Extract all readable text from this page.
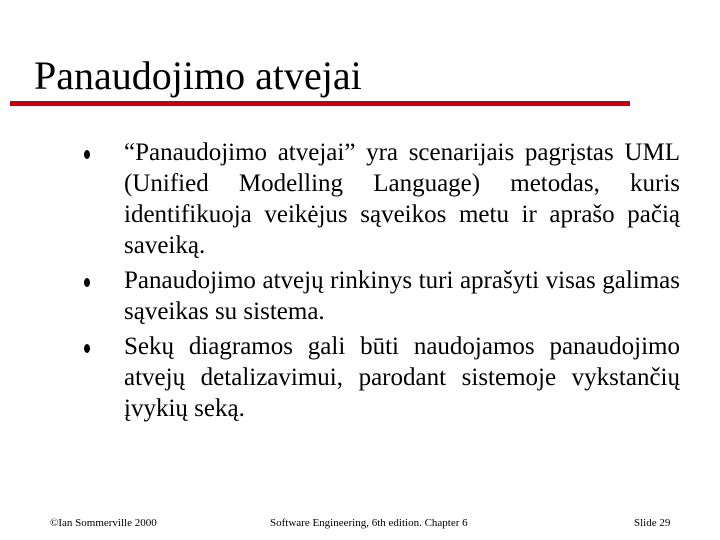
Panaudojimo atvejai
“Panaudojimo atvejai” yra scenarijais pagrįstas UML (Unified Modelling Language) metodas, kuris identifikuoja veikėjus sąveikos metu ir aprašo pačią saveiką.
Panaudojimo atvejų rinkinys turi aprašyti visas galimas sąveikas su sistema.
Sekų diagramos gali būti naudojamos panaudojimo atvejų detalizavimui, parodant sistemoje vykstančių įvykių seką.
©Ian Sommerville 2000	Software Engineering, 6th edition. Chapter 6	Slide 29
